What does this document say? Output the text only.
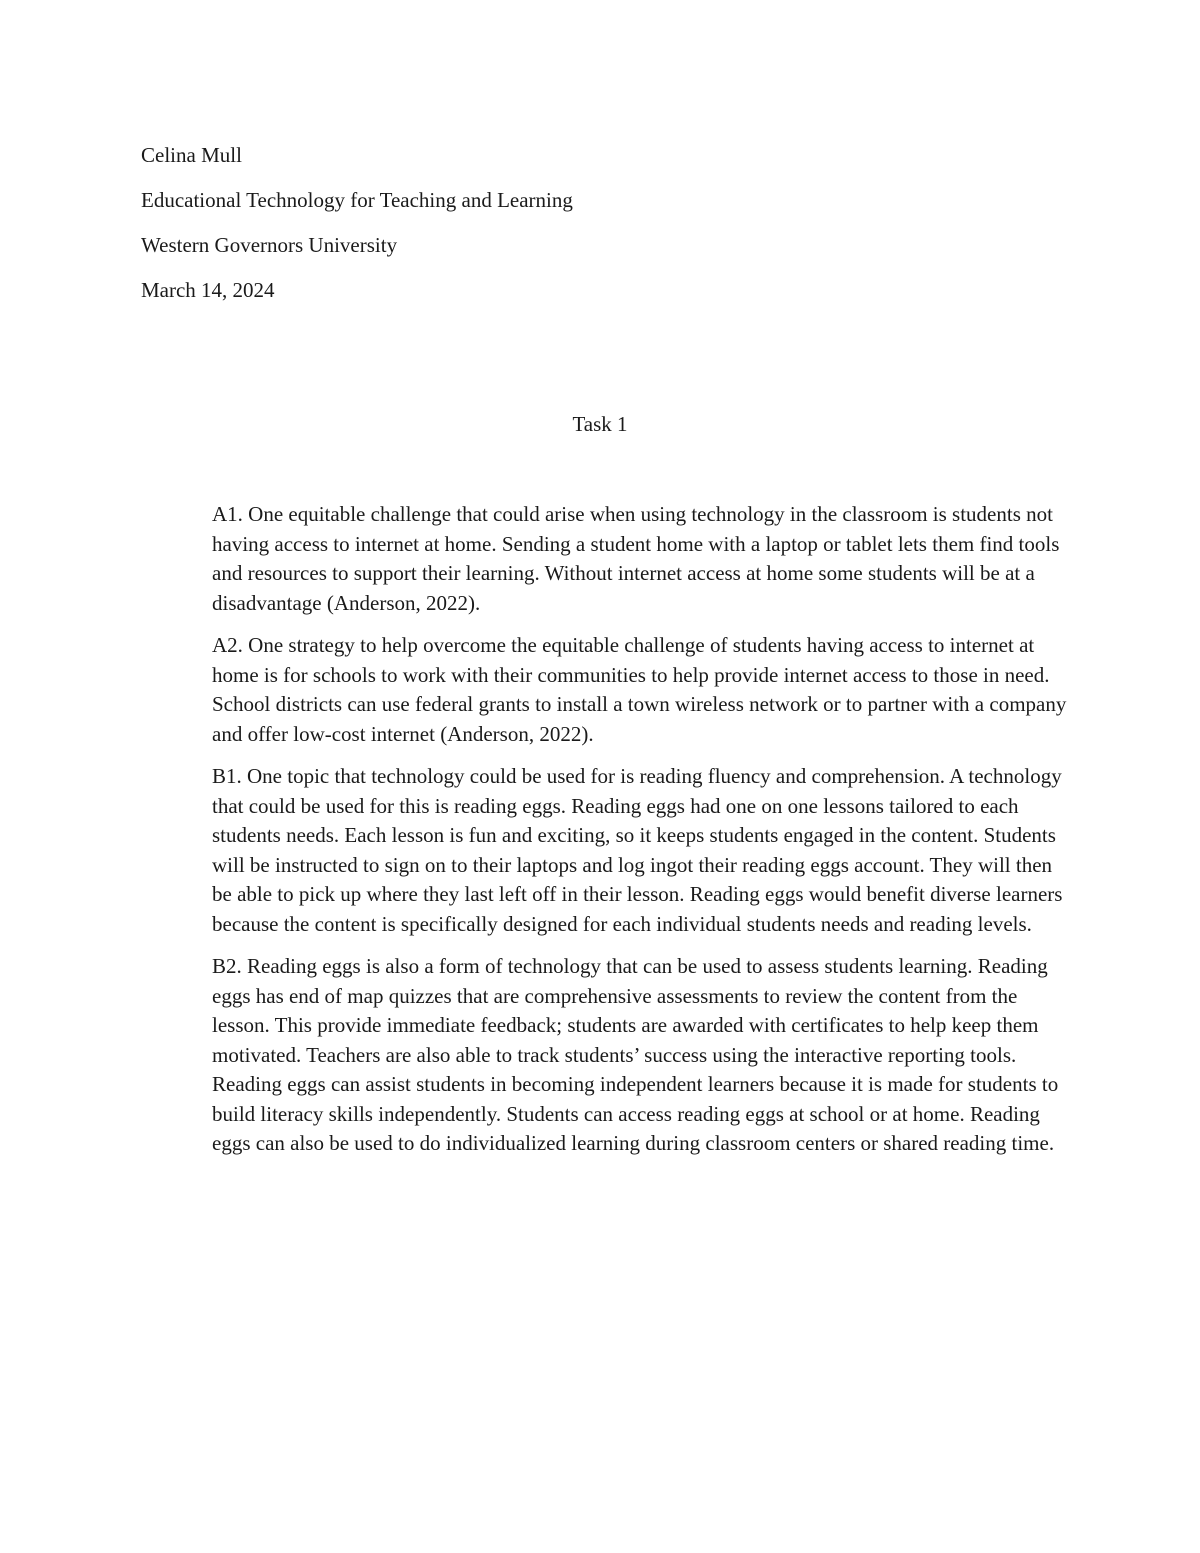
Celina Mull
Educational Technology for Teaching and Learning
Western Governors University
March 14, 2024
Task 1

A1. One equitable challenge that could arise when using technology in the classroom is students not having access to internet at home. Sending a student home with a laptop or tablet lets them find tools and resources to support their learning. Without internet access at home some students will be at a disadvantage (Anderson, 2022).

A2. One strategy to help overcome the equitable challenge of students having access to internet at home is for schools to work with their communities to help provide internet access to those in need. School districts can use federal grants to install a town wireless network or to partner with a company and offer low-cost internet (Anderson, 2022).

B1. One topic that technology could be used for is reading fluency and comprehension. A technology that could be used for this is reading eggs. Reading eggs had one on one lessons tailored to each students needs. Each lesson is fun and exciting, so it keeps students engaged in the content. Students will be instructed to sign on to their laptops and log ingot their reading eggs account. They will then be able to pick up where they last left off in their lesson. Reading eggs would benefit diverse learners because the content is specifically designed for each individual students needs and reading levels.

B2. Reading eggs is also a form of technology that can be used to assess students learning. Reading eggs has end of map quizzes that are comprehensive assessments to review the content from the lesson. This provide immediate feedback; students are awarded with certificates to help keep them motivated. Teachers are also able to track students’ success using the interactive reporting tools. Reading eggs can assist students in becoming independent learners because it is made for students to build literacy skills independently. Students can access reading eggs at school or at home. Reading eggs can also be used to do individualized learning during classroom centers or shared reading time.
